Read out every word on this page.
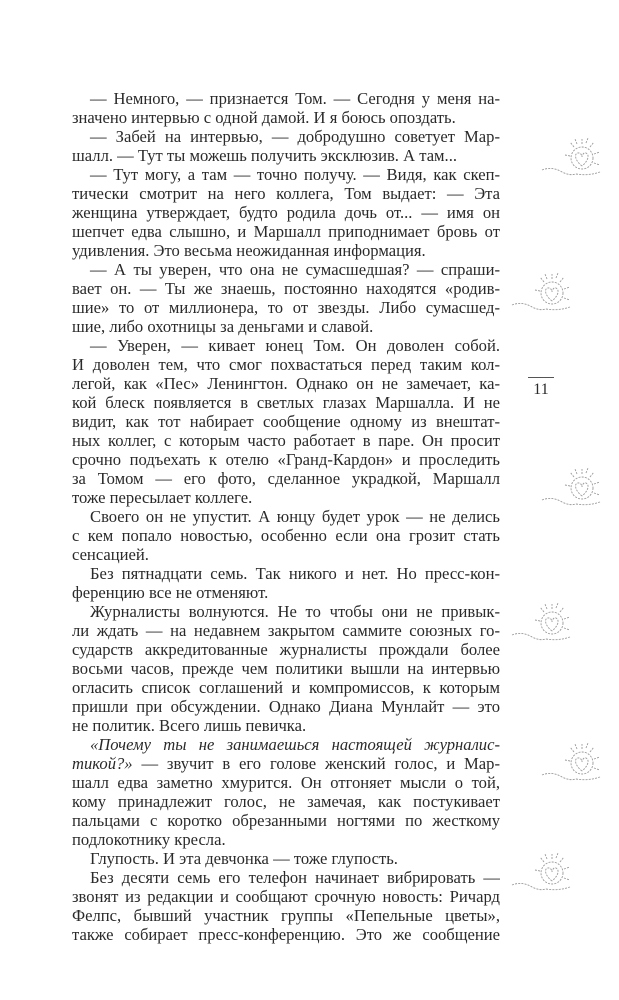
— Немного, — признается Том. — Сегодня у меня на-
значено интервью с одной дамой. И я боюсь опоздать.
— Забей на интервью, — добродушно советует Мар-
шалл. — Тут ты можешь получить эксклюзив. А там...
— Тут могу, а там — точно получу. — Видя, как скеп-
тически смотрит на него коллега, Том выдает: — Эта
женщина утверждает, будто родила дочь от... — имя он
шепчет едва слышно, и Маршалл приподнимает бровь от
удивления. Это весьма неожиданная информация.
— А ты уверен, что она не сумасшедшая? — спраши-
вает он. — Ты же знаешь, постоянно находятся «родив-
шие» то от миллионера, то от звезды. Либо сумасшед-
шие, либо охотницы за деньгами и славой.
— Уверен, — кивает юнец Том. Он доволен собой.
И доволен тем, что смог похвастаться перед таким кол-
легой, как «Пес» Ленингтон. Однако он не замечает, ка-
кой блеск появляется в светлых глазах Маршалла. И не
видит, как тот набирает сообщение одному из внештат-
ных коллег, с которым часто работает в паре. Он просит
срочно подъехать к отелю «Гранд-Кардон» и проследить
за Томом — его фото, сделанное украдкой, Маршалл
тоже пересылает коллеге.
Своего он не упустит. А юнцу будет урок — не делись
с кем попало новостью, особенно если она грозит стать
сенсацией.
Без пятнадцати семь. Так никого и нет. Но пресс-кон-
ференцию все не отменяют.
Журналисты волнуются. Не то чтобы они не привык-
ли ждать — на недавнем закрытом саммите союзных го-
сударств аккредитованные журналисты прождали более
восьми часов, прежде чем политики вышли на интервью
огласить список соглашений и компромиссов, к которым
пришли при обсуждении. Однако Диана Мунлайт — это
не политик. Всего лишь певичка.
«Почему ты не занимаешься настоящей журналис-
тикой?» — звучит в его голове женский голос, и Мар-
шалл едва заметно хмурится. Он отгоняет мысли о той,
кому принадлежит голос, не замечая, как постукивает
пальцами с коротко обрезанными ногтями по жесткому
подлокотнику кресла.
Глупость. И эта девчонка — тоже глупость.
Без десяти семь его телефон начинает вибрировать —
звонят из редакции и сообщают срочную новость: Ричард
Фелпс, бывший участник группы «Пепельные цветы»,
также собирает пресс-конференцию. Это же сообщение
11
